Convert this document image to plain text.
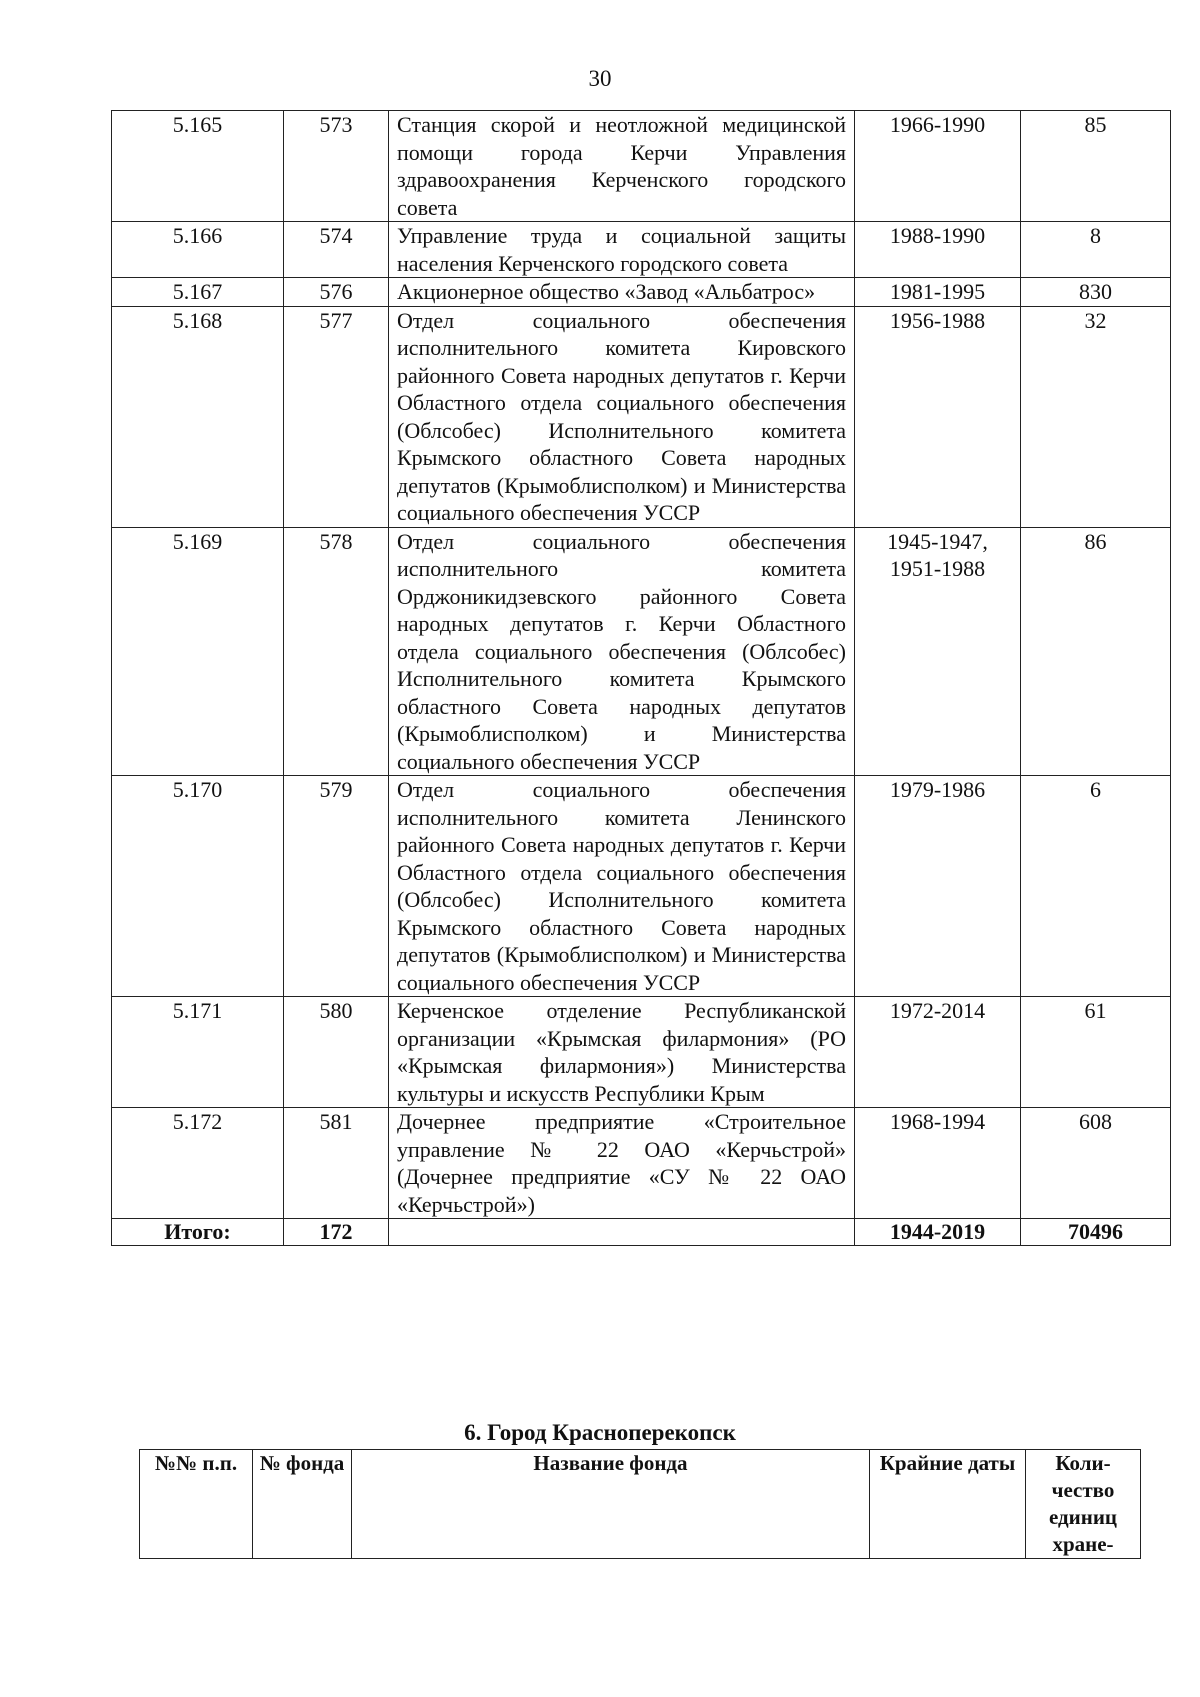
30
5.165	573	Станция скорой и неотложной медицинской помощи города Керчи Управления здравоохранения Керченского городского совета	1966-1990	85
5.166	574	Управление труда и социальной защиты населения Керченского городского совета	1988-1990	8
5.167	576	Акционерное общество «Завод «Альбатрос»	1981-1995	830
5.168	577	Отдел социального обеспечения исполнительного комитета Кировского районного Совета народных депутатов г. Керчи Областного отдела социального обеспечения (Облсобес) Исполнительного комитета Крымского областного Совета народных депутатов (Крымоблисполком) и Министерства социального обеспечения УССР	1956-1988	32
5.169	578	Отдел социального обеспечения исполнительного комитета Орджоникидзевского районного Совета народных депутатов г. Керчи Областного отдела социального обеспечения (Облсобес) Исполнительного комитета Крымского областного Совета народных депутатов (Крымоблисполком) и Министерства социального обеспечения УССР	1945-1947, 1951-1988	86
5.170	579	Отдел социального обеспечения исполнительного комитета Ленинского районного Совета народных депутатов г. Керчи Областного отдела социального обеспечения (Облсобес) Исполнительного комитета Крымского областного Совета народных депутатов (Крымоблисполком) и Министерства социального обеспечения УССР	1979-1986	6
5.171	580	Керченское отделение Республиканской организации «Крымская филармония» (РО «Крымская филармония») Министерства культуры и искусств Республики Крым	1972-2014	61
5.172	581	Дочернее предприятие «Строительное управление № 22 ОАО «Керчьстрой» (Дочернее предприятие «СУ № 22 ОАО «Керчьстрой»)	1968-1994	608
Итого:	172		1944-2019	70496
6. Город Красноперекопск
№№ п.п.	№ фонда	Название фонда	Крайние даты	Коли-чество единиц хране-
